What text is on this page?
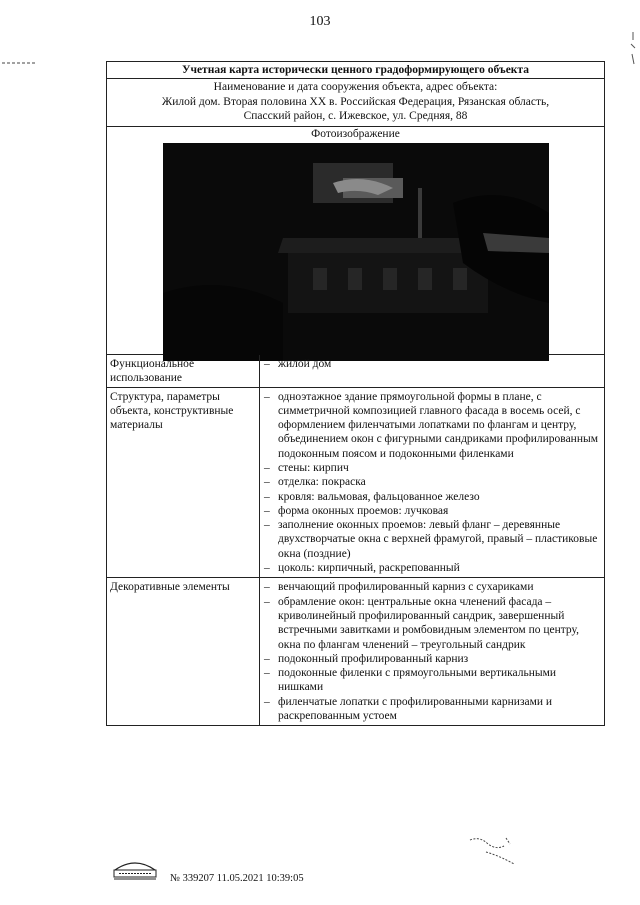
103
Учетная карта исторически ценного градоформирующего объекта
Наименование и дата сооружения объекта, адрес объекта:
Жилой дом. Вторая половина XX в. Российская Федерация, Рязанская область,
Спасский район, с. Ижевское, ул. Средняя, 88
Фотоизображение
Функциональное использование
– жилой дом
Структура, параметры объекта, конструктивные материалы
– одноэтажное здание прямоугольной формы в плане, с симметричной композицией главного фасада в восемь осей, с оформлением филенчатыми лопатками по флангам и центру, объединением окон с фигурными сандриками профилированным подоконным поясом и подоконными филенками
– стены: кирпич
– отделка: покраска
– кровля: вальмовая, фальцованное железо
– форма оконных проемов: лучковая
– заполнение оконных проемов: левый фланг – деревянные двухстворчатые окна с верхней фрамугой, правый – пластиковые окна (поздние)
– цоколь: кирпичный, раскрепованный
Декоративные элементы	– венчающий профилированный карниз с сухариками
– обрамление окон: центральные окна членений фасада – криволинейный профилированный сандрик, завершенный встречными завитками и ромбовидным элементом по центру, окна по флангам членений – треугольный сандрик
– подоконный профилированный карниз
– подоконные филенки с прямоугольными вертикальными нишками
– филенчатые лопатки с профилированными карнизами и раскрепованным устоем
№ 339207 11.05.2021 10:39:05
